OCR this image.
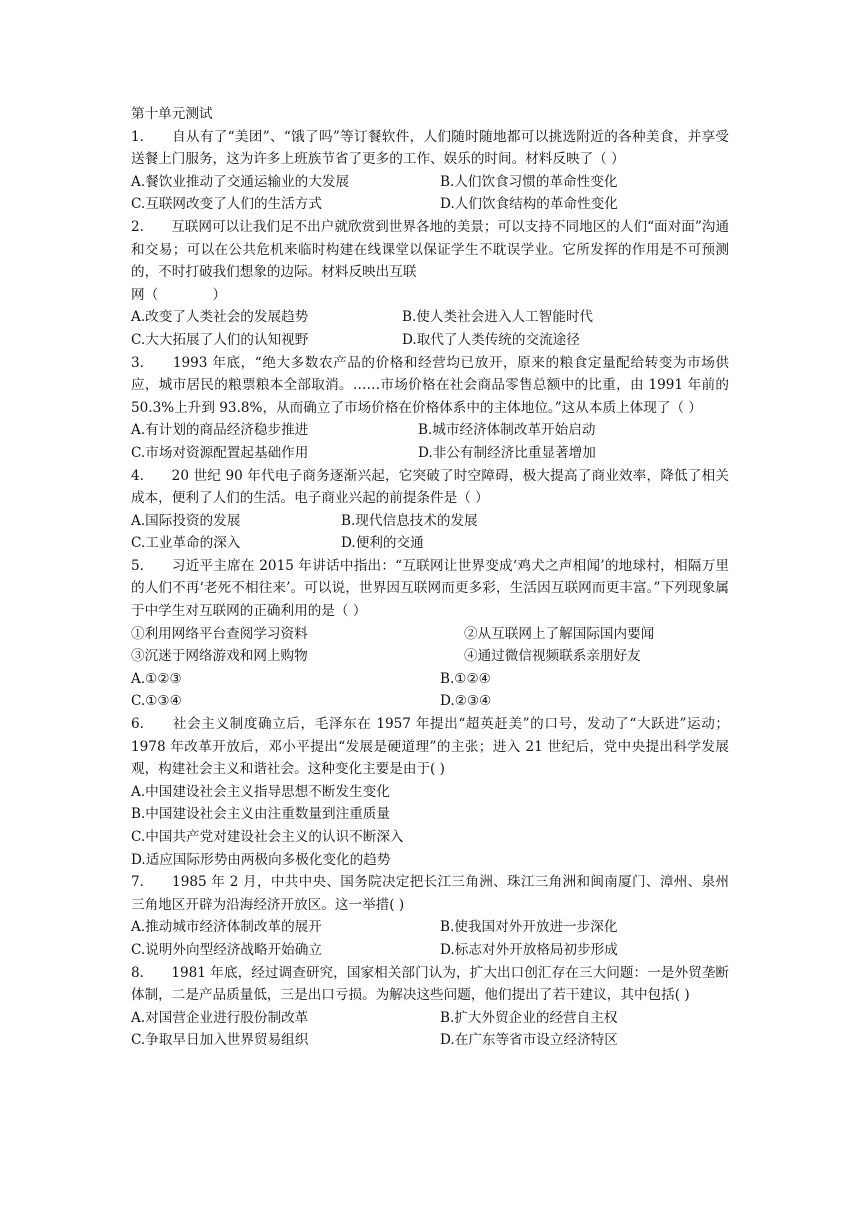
第十单元测试
1.　　自从有了“美团”、“饿了吗”等订餐软件，人们随时随地都可以挑选附近的各种美食，并享受送餐上门服务，这为许多上班族节省了更多的工作、娱乐的时间。材料反映了（ ）
A.餐饮业推动了交通运输业的大发展	B.人们饮食习惯的革命性变化
C.互联网改变了人们的生活方式	D.人们饮食结构的革命性变化
2.　　互联网可以让我们足不出户就欣赏到世界各地的美景；可以支持不同地区的人们“面对面”沟通和交易；可以在公共危机来临时构建在线课堂以保证学生不耽误学业。它所发挥的作用是不可预测的，不时打破我们想象的边际。材料反映出互联
网（　　　　）
A.改变了人类社会的发展趋势	B.使人类社会进入人工智能时代
C.大大拓展了人们的认知视野	D.取代了人类传统的交流途径
3.　　1993 年底，“绝大多数农产品的价格和经营均已放开，原来的粮食定量配给转变为市场供应，城市居民的粮票粮本全部取消。……市场价格在社会商品零售总额中的比重，由 1991 年前的 50.3%上升到 93.8%，从而确立了市场价格在价格体系中的主体地位。”这从本质上体现了（ ）
A.有计划的商品经济稳步推进	B.城市经济体制改革开始启动
C.市场对资源配置起基础作用	D.非公有制经济比重显著增加
4.　　20 世纪 90 年代电子商务逐渐兴起，它突破了时空障碍，极大提高了商业效率，降低了相关成本，便利了人们的生活。电子商业兴起的前提条件是（ ）
A.国际投资的发展	B.现代信息技术的发展
C.工业革命的深入	D.便利的交通
5.　　习近平主席在 2015 年讲话中指出：“互联网让世界变成‘鸡犬之声相闻’的地球村，相隔万里的人们不再‘老死不相往来’。可以说，世界因互联网而更多彩，生活因互联网而更丰富。”下列现象属于中学生对互联网的正确利用的是（ ）
①利用网络平台查阅学习资料	②从互联网上了解国际国内要闻
③沉迷于网络游戏和网上购物	④通过微信视频联系亲朋好友
A.①②③	B.①②④
C.①③④	D.②③④
6.　　社会主义制度确立后，毛泽东在 1957 年提出“超英赶美”的口号，发动了“大跃进”运动；1978 年改革开放后，邓小平提出“发展是硬道理”的主张；进入 21 世纪后，党中央提出科学发展观，构建社会主义和谐社会。这种变化主要是由于( )
A.中国建设社会主义指导思想不断发生变化
B.中国建设社会主义由注重数量到注重质量
C.中国共产党对建设社会主义的认识不断深入
D.适应国际形势由两极向多极化变化的趋势
7.　　1985 年 2 月，中共中央、国务院决定把长江三角洲、珠江三角洲和闽南厦门、漳州、泉州三角地区开辟为沿海经济开放区。这一举措( )
A.推动城市经济体制改革的展开	B.使我国对外开放进一步深化
C.说明外向型经济战略开始确立	D.标志对外开放格局初步形成
8.　　1981 年底，经过调查研究，国家相关部门认为，扩大出口创汇存在三大问题：一是外贸垄断体制，二是产品质量低，三是出口亏损。为解决这些问题，他们提出了若干建议，其中包括( )
A.对国营企业进行股份制改革	B.扩大外贸企业的经营自主权
C.争取早日加入世界贸易组织	D.在广东等省市设立经济特区
